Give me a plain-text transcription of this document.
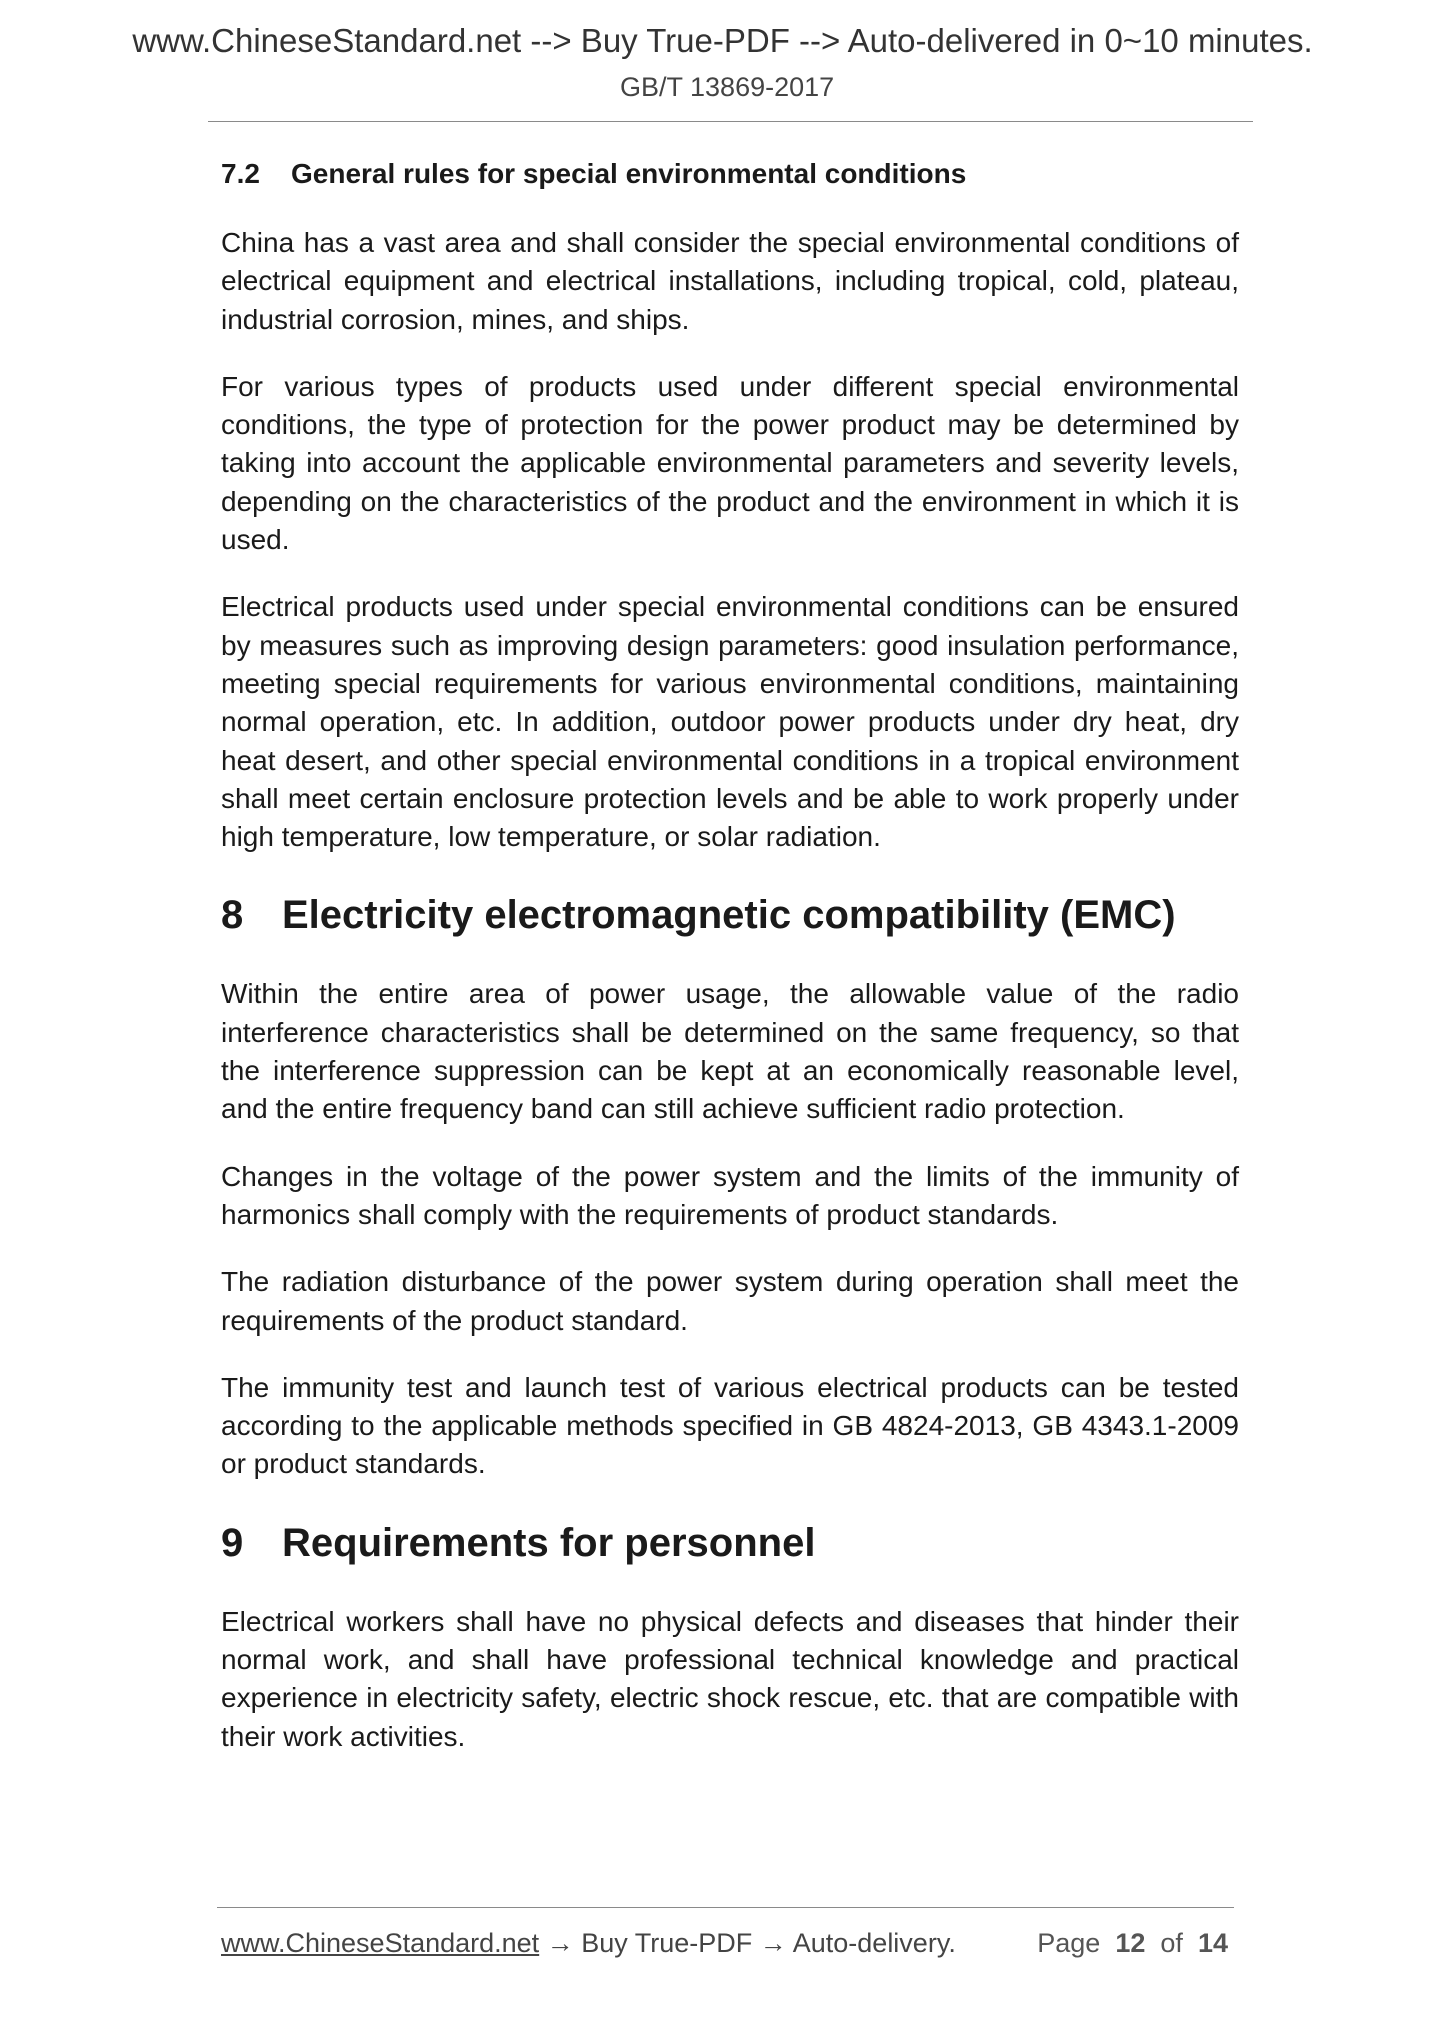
www.ChineseStandard.net --> Buy True-PDF --> Auto-delivered in 0~10 minutes.
GB/T 13869-2017
7.2 General rules for special environmental conditions

China has a vast area and shall consider the special environmental conditions of electrical equipment and electrical installations, including tropical, cold, plateau, industrial corrosion, mines, and ships.

For various types of products used under different special environmental conditions, the type of protection for the power product may be determined by taking into account the applicable environmental parameters and severity levels, depending on the characteristics of the product and the environment in which it is used.

Electrical products used under special environmental conditions can be ensured by measures such as improving design parameters: good insulation performance, meeting special requirements for various environmental conditions, maintaining normal operation, etc. In addition, outdoor power products under dry heat, dry heat desert, and other special environmental conditions in a tropical environment shall meet certain enclosure protection levels and be able to work properly under high temperature, low temperature, or solar radiation.

8 Electricity electromagnetic compatibility (EMC)

Within the entire area of power usage, the allowable value of the radio interference characteristics shall be determined on the same frequency, so that the interference suppression can be kept at an economically reasonable level, and the entire frequency band can still achieve sufficient radio protection.

Changes in the voltage of the power system and the limits of the immunity of harmonics shall comply with the requirements of product standards.

The radiation disturbance of the power system during operation shall meet the requirements of the product standard.

The immunity test and launch test of various electrical products can be tested according to the applicable methods specified in GB 4824-2013, GB 4343.1-2009 or product standards.

9 Requirements for personnel

Electrical workers shall have no physical defects and diseases that hinder their normal work, and shall have professional technical knowledge and practical experience in electricity safety, electric shock rescue, etc. that are compatible with their work activities.

www.ChineseStandard.net → Buy True-PDF → Auto-delivery.	Page 12 of 14
